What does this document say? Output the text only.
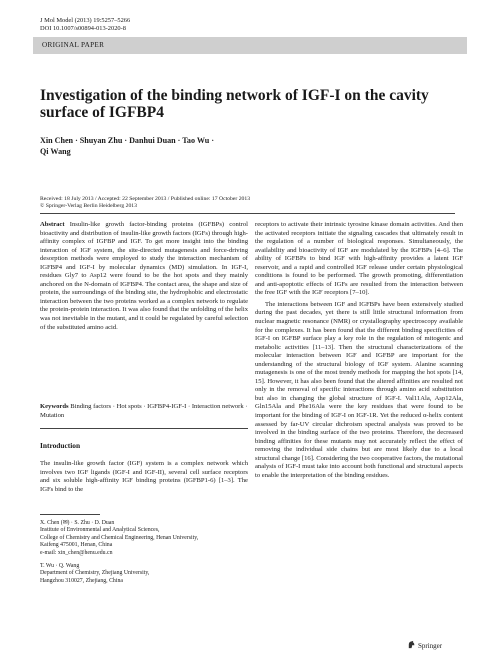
J Mol Model (2013) 19:5257–5266
DOI 10.1007/s00894-013-2020-8
ORIGINAL PAPER
Investigation of the binding network of IGF-I on the cavity surface of IGFBP4
Xin Chen · Shuyan Zhu · Danhui Duan · Tao Wu ·
Qi Wang
Received: 18 July 2013 / Accepted: 22 September 2013 / Published online: 17 October 2013
© Springer-Verlag Berlin Heidelberg 2013

Abstract Insulin-like growth factor-binding proteins (IGFBPs) control bioactivity and distribution of insulin-like growth factors (IGFs) through high-affinity complex of IGFBP and IGF. To get more insight into the binding interaction of IGF system, the site-directed mutagenesis and force-driving desorption methods were employed to study the interaction mechanism of IGFBP4 and IGF-I by molecular dynamics (MD) simulation. In IGF-I, residues Gly7 to Asp12 were found to be the hot spots and they mainly anchored on the N-domain of IGFBP4. The contact area, the shape and size of protein, the surroundings of the binding site, the hydrophobic and electrostatic interaction between the two proteins worked as a complex network to regulate the protein-protein interaction. It was also found that the unfolding of the helix was not inevitable in the mutant, and it could be regulated by careful selection of the substituted amino acid.

Keywords Binding factors · Hot spots · IGFBP4-IGF-I · Interaction network · Mutation
Introduction

The insulin-like growth factor (IGF) system is a complex network which involves two IGF ligands (IGF-I and IGF-II), several cell surface receptors and six soluble high-affinity IGF binding proteins (IGFBP1-6) [1–3]. The IGFs bind to the

X. Chen (✉) · S. Zhu · D. Duan
Institute of Environmental and Analytical Sciences,
College of Chemistry and Chemical Engineering, Henan University,
Kaifeng 475001, Henan, China
e-mail: xin_chen@henu.edu.cn
T. Wu · Q. Wang
Department of Chemistry, Zhejiang University,
Hangzhou 310027, Zhejiang, China

receptors to activate their intrinsic tyrosine kinase domain activities. And then the activated receptors initiate the signaling cascades that ultimately result in the regulation of a number of biological responses. Simultaneously, the availability and bioactivity of IGF are modulated by the IGFBPs [4–6]. The ability of IGFBPs to bind IGF with high-affinity provides a latent IGF reservoir, and a rapid and controlled IGF release under certain physiological conditions is found to be performed. The growth promoting, differentiation and anti-apoptotic effects of IGFs are resulted from the interaction between the free IGF with the IGF receptors [7–10].

The interactions between IGF and IGFBPs have been extensively studied during the past decades, yet there is still little structural information from nuclear magnetic resonance (NMR) or crystallography spectroscopy available for the complexes. It has been found that the different binding specificities of IGF-I on IGFBP surface play a key role in the regulation of mitogenic and metabolic activities [11–13]. Then the structural characterizations of the molecular interaction between IGF and IGFBP are important for the understanding of the structural biology of IGF system. Alanine scanning mutagenesis is one of the most trendy methods for mapping the hot spots [14, 15]. However, it has also been found that the altered affinities are resulted not only in the removal of specific interactions through amino acid substitution but also in changing the global structure of IGF-I. Val11Ala, Asp12Ala, Gln15Ala and Phe16Ala were the key residues that were found to be important for the binding of IGF-I on IGF-1R. Yet the reduced α-helix content assessed by far-UV circular dichroism spectral analysis was proved to be involved in the binding surface of the two proteins. Therefore, the decreased binding affinities for these mutants may not accurately reflect the effect of removing the individual side chains but are most likely due to a local structural change [16]. Considering the two cooperative factors, the mutational analysis of IGF-I must take into account both functional and structural aspects to enable the interpretation of the binding residues.

Springer
